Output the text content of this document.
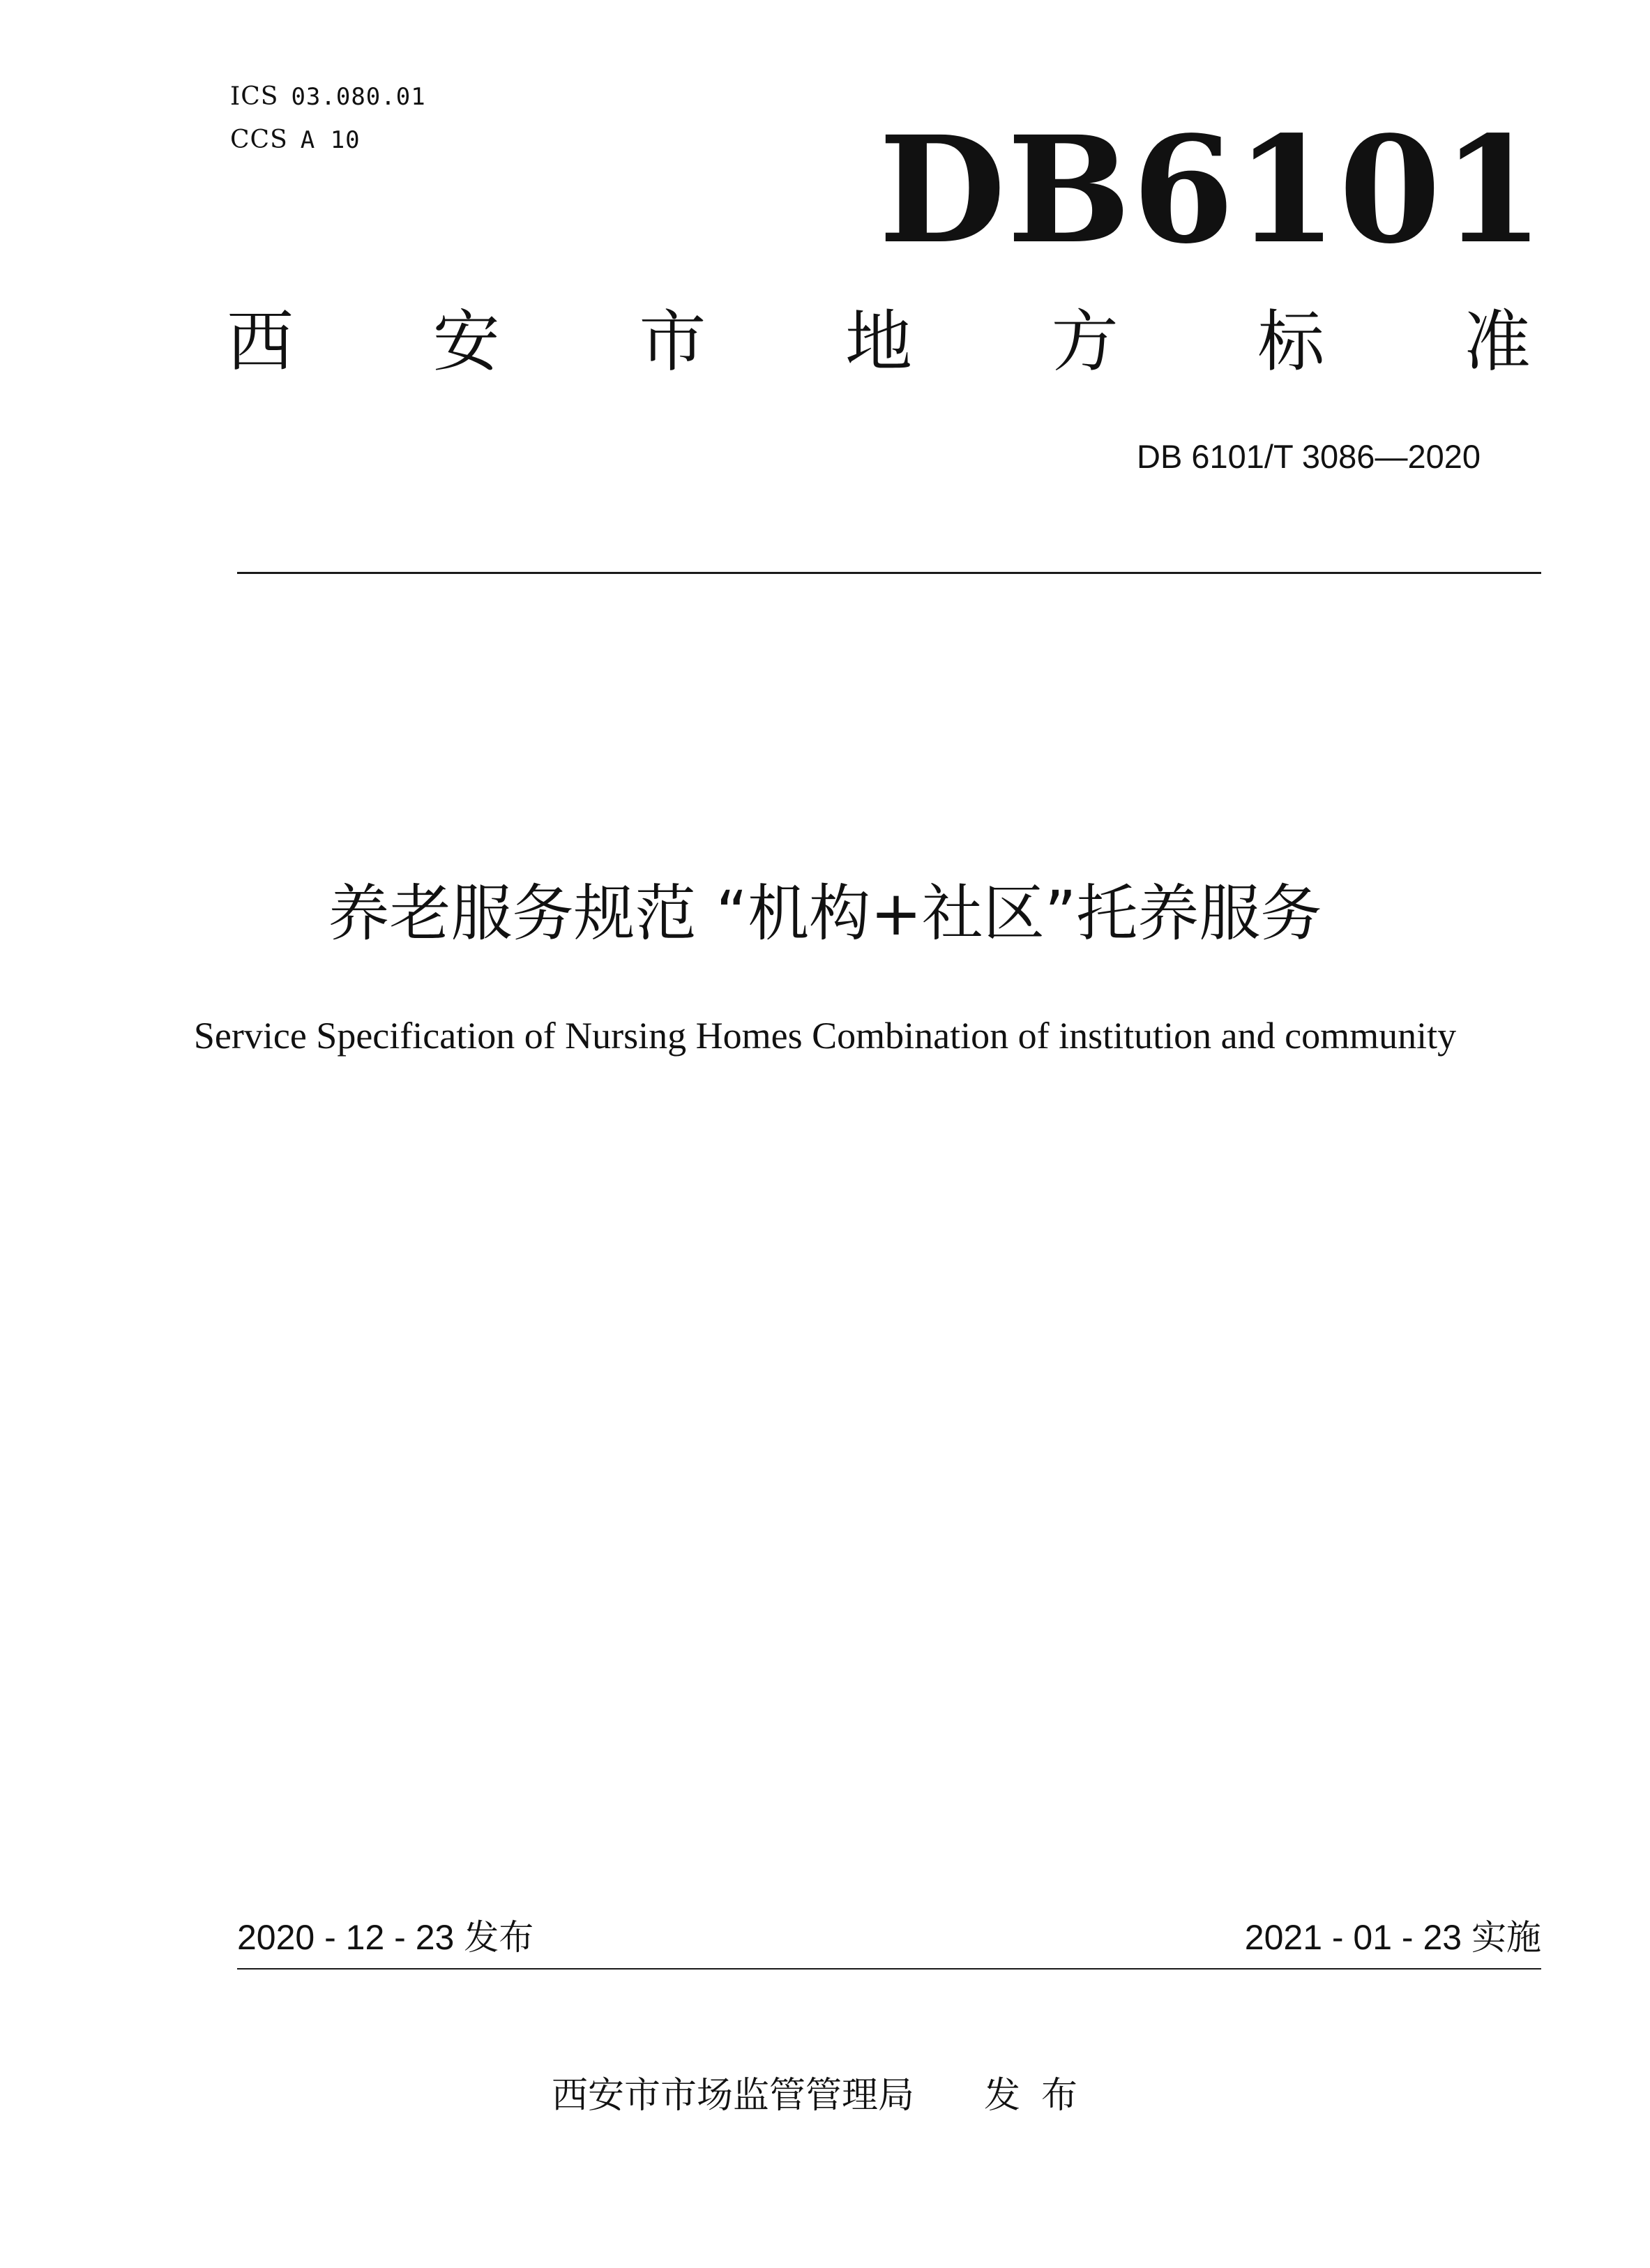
ICS 03.080.01
CCS A 10	DB6101
西 安 市 地 方 标 准
DB 6101/T 3086—2020
养老服务规范 “机构+社区”托养服务
Service Specification of Nursing Homes Combination of institution and community
2020 - 12 - 23 发布	2021 - 01 - 23 实施
西安市市场监管管理局 发布
